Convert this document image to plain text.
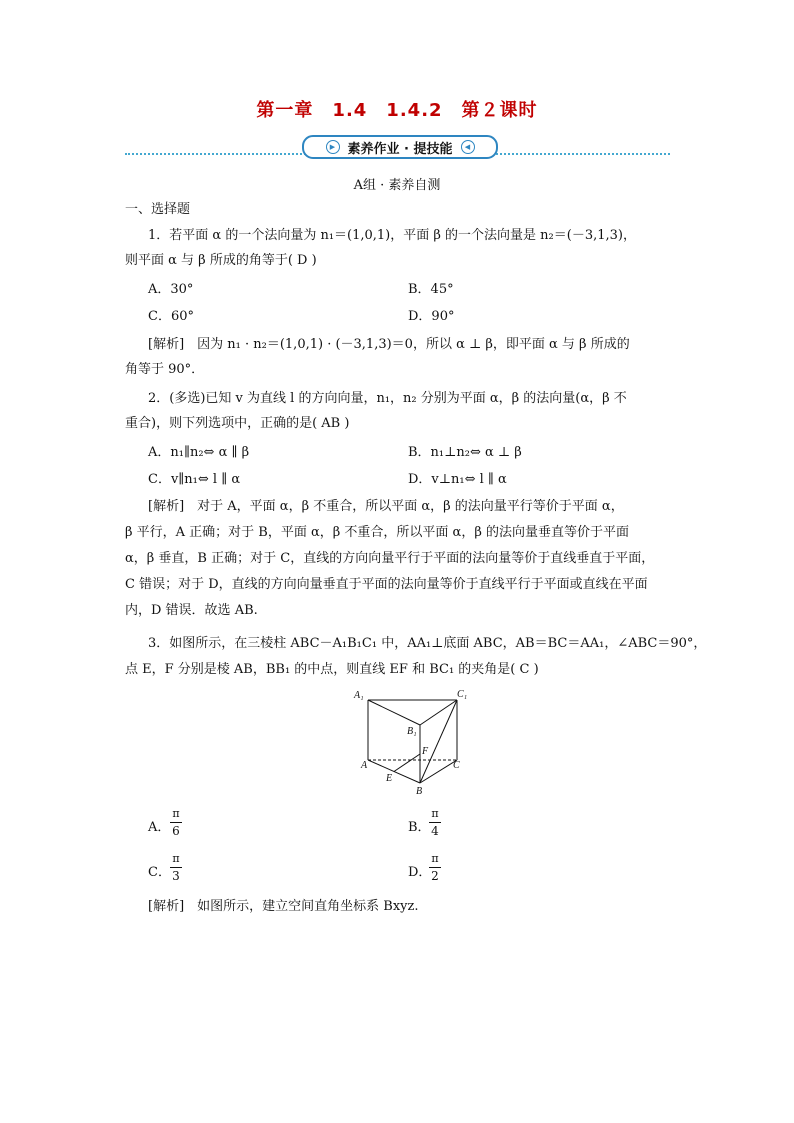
第一章　1.4　1.4.2　第２课时
▶ 素养作业 · 提技能	◀
A组 · 素养自测
一、选择题
1．若平面 α 的一个法向量为 n₁＝(1,0,1)，平面 β 的一个法向量是 n₂＝(－3,1,3)，
则平面 α 与 β 所成的角等于( D )
A．30°	B．45°
C．60°	D．90°
[解析]　因为 n₁ · n₂＝(1,0,1) · (－3,1,3)＝0，所以 α ⊥ β，即平面 α 与 β 所成的
角等于 90°．
2．(多选)已知 v 为直线 l 的方向向量，n₁，n₂ 分别为平面 α，β 的法向量(α，β 不
重合)，则下列选项中，正确的是( AB )
A．n₁∥n₂⇔ α ∥ β	B．n₁⊥n₂⇔ α ⊥ β
C．v∥n₁⇔ l ∥ α	D．v⊥n₁⇔ l ∥ α
[解析]　对于 A，平面 α，β 不重合，所以平面 α，β 的法向量平行等价于平面 α，
β 平行，A 正确；对于 B，平面 α，β 不重合，所以平面 α，β 的法向量垂直等价于平面
α，β 垂直，B 正确；对于 C，直线的方向向量平行于平面的法向量等价于直线垂直于平面，
C 错误；对于 D，直线的方向向量垂直于平面的法向量等价于直线平行于平面或直线在平面
内，D 错误．故选 AB.
3．如图所示，在三棱柱 ABC－A₁B₁C₁ 中，AA₁⊥底面 ABC，AB＝BC＝AA₁，∠ABC＝90°，
点 E，F 分别是棱 AB，BB₁ 的中点，则直线 EF 和 BC₁ 的夹角是( C )
A₁	C₁
B₁
F
A	C
E
B
A．
π
6	B．
π
4
C．
π
3	D．
π
2
[解析]　如图所示，建立空间直角坐标系 Bxyz.
